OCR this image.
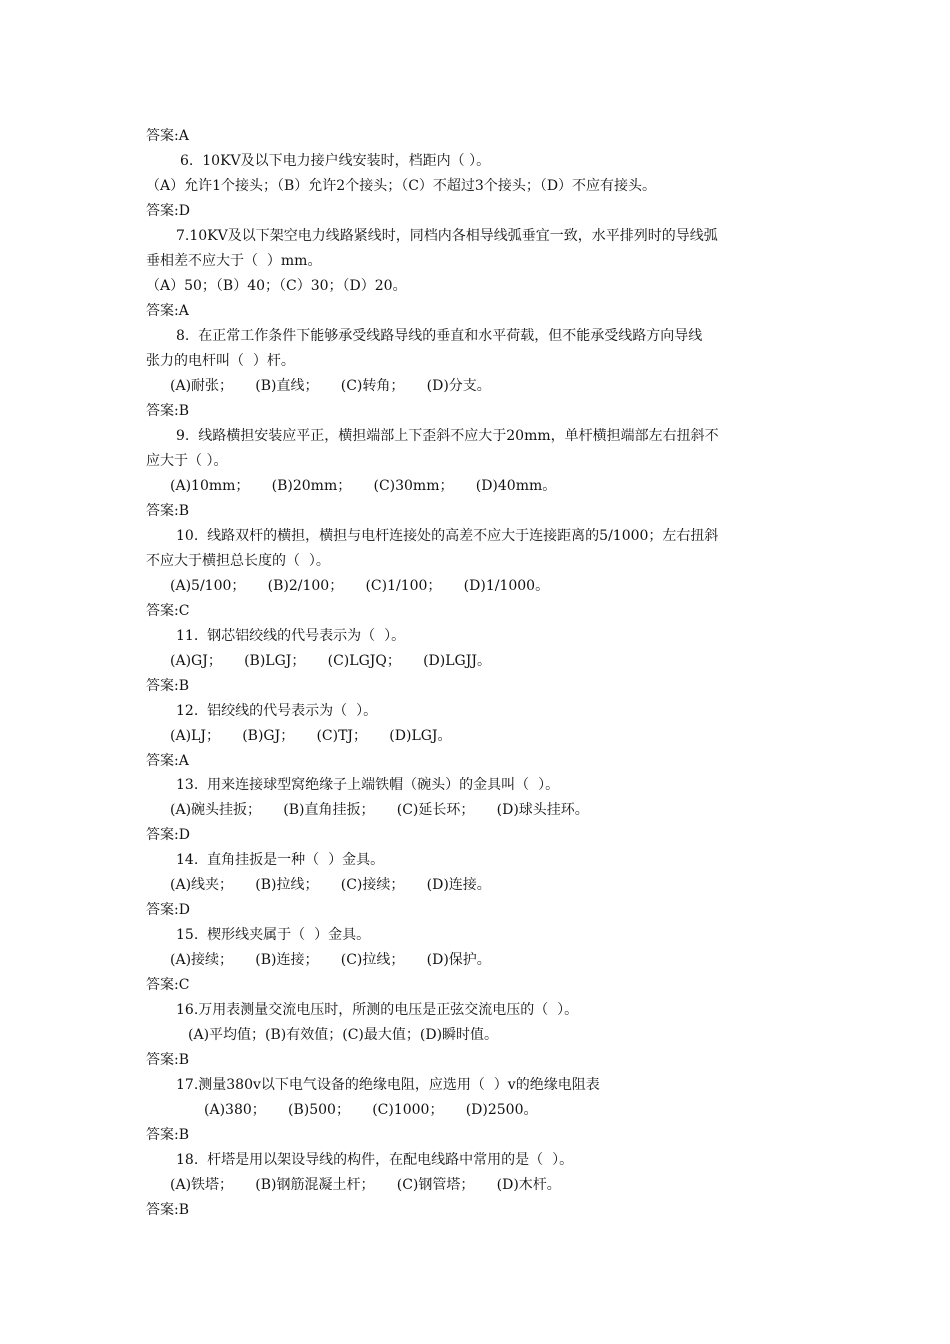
答案:A
6.  10KV及以下电力接户线安装时，档距内（ ）。
（A）允许1个接头；（B）允许2个接头；（C）不超过3个接头；（D）不应有接头。
答案:D
7.10KV及以下架空电力线路紧线时，同档内各相导线弧垂宜一致，水平排列时的导线弧
垂相差不应大于（  ）mm。
（A）50；（B）40；（C）30；（D）20。
答案:A
8.  在正常工作条件下能够承受线路导线的垂直和水平荷载，但不能承受线路方向导线
张力的电杆叫（  ）杆。
(A)耐张；     (B)直线；     (C)转角；     (D)分支。
答案:B
9.  线路横担安装应平正，横担端部上下歪斜不应大于20mm，单杆横担端部左右扭斜不
应大于（ ）。
(A)10mm；     (B)20mm；     (C)30mm；     (D)40mm。
答案:B
10.  线路双杆的横担，横担与电杆连接处的高差不应大于连接距离的5/1000；左右扭斜
不应大于横担总长度的（  ）。
(A)5/100；     (B)2/100；     (C)1/100；     (D)1/1000。
答案:C
11.  钢芯铝绞线的代号表示为（  ）。
(A)GJ；     (B)LGJ；     (C)LGJQ；     (D)LGJJ。
答案:B
12.  铝绞线的代号表示为（  ）。
(A)LJ；     (B)GJ；     (C)TJ；     (D)LGJ。
答案:A
13.  用来连接球型窝绝缘子上端铁帽（碗头）的金具叫（  ）。
(A)碗头挂扳；     (B)直角挂扳；     (C)延长环；     (D)球头挂环。
答案:D
14.  直角挂扳是一种（  ）金具。
(A)线夹；     (B)拉线；     (C)接续；     (D)连接。
答案:D
15.  楔形线夹属于（  ）金具。
(A)接续；     (B)连接；     (C)拉线；     (D)保护。
答案:C
16.万用表测量交流电压时，所测的电压是正弦交流电压的（  ）。
(A)平均值；(B)有效值；(C)最大值；(D)瞬时值。
答案:B
17.测量380v以下电气设备的绝缘电阻，应选用（  ）v的绝缘电阻表
(A)380；     (B)500；     (C)1000；     (D)2500。
答案:B
18.  杆塔是用以架设导线的构件，在配电线路中常用的是（  ）。
(A)铁塔；     (B)钢筋混凝土杆；     (C)钢管塔；     (D)木杆。
答案:B
